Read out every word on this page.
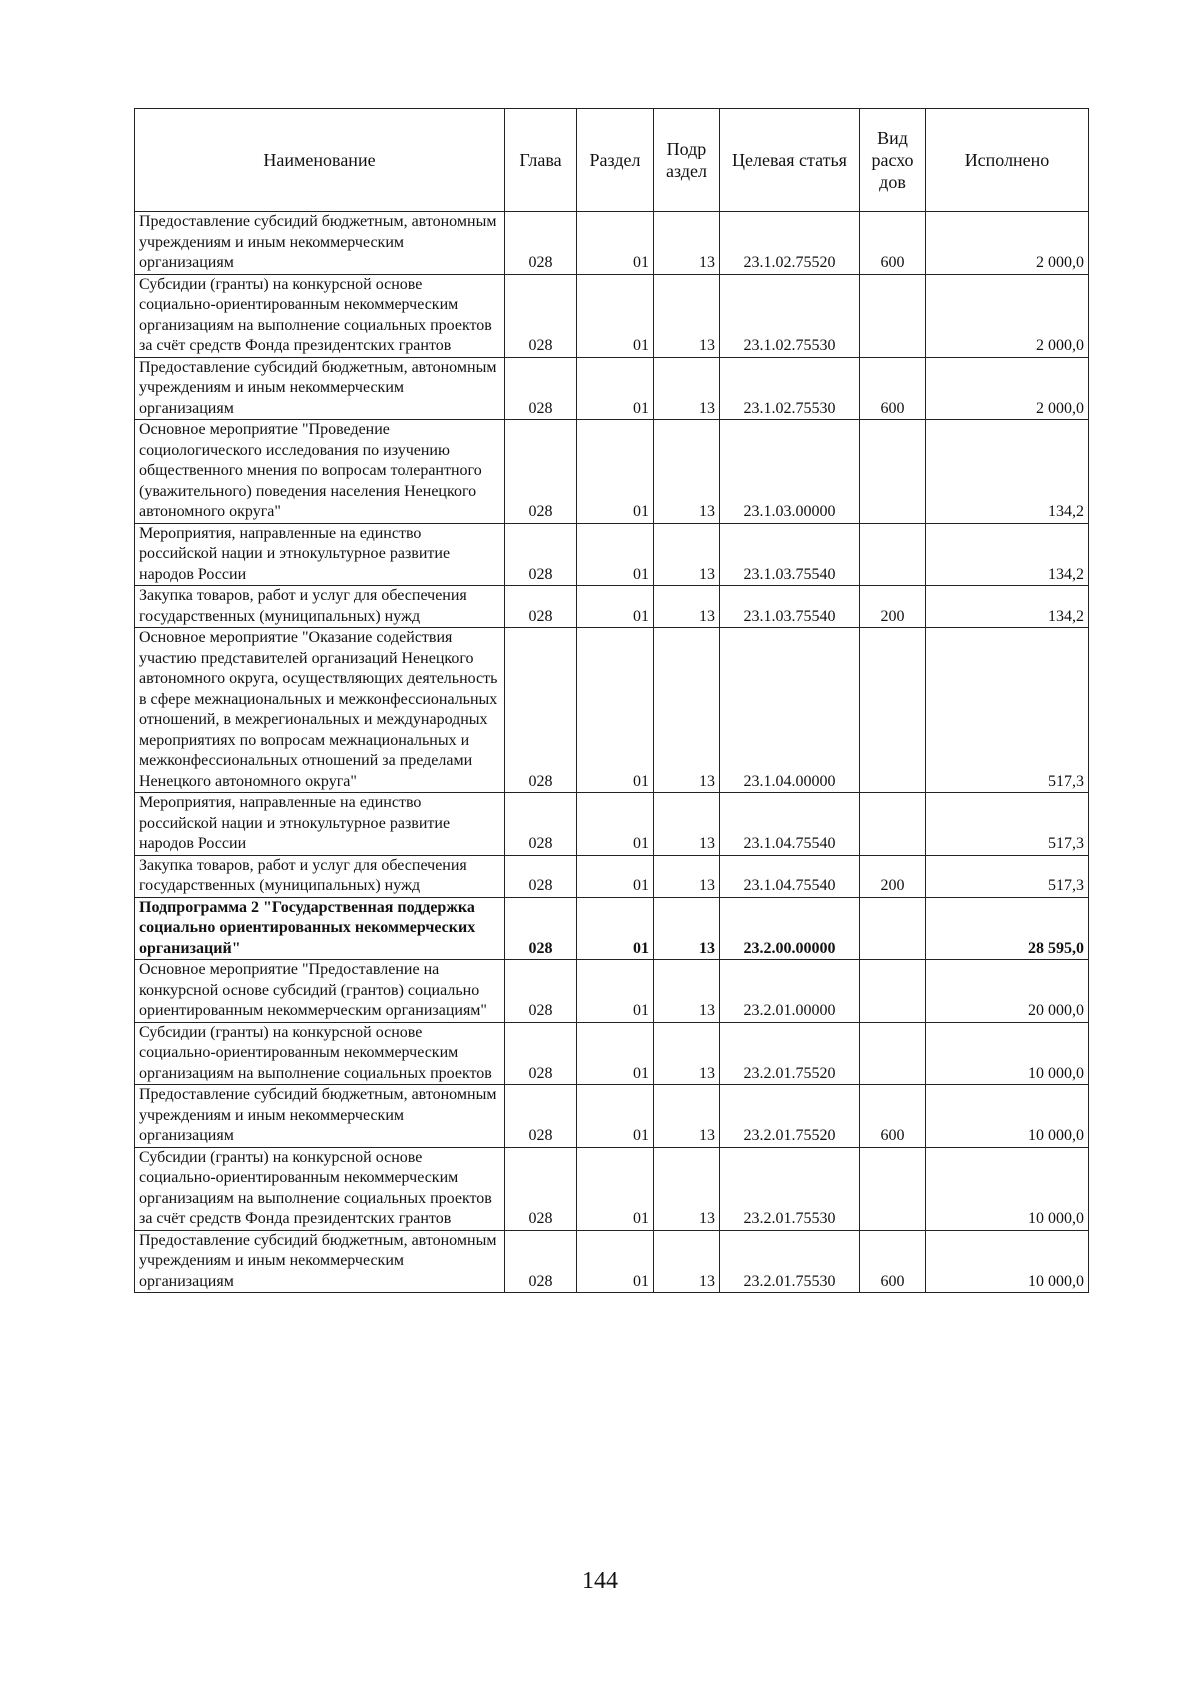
Наименование	Глава	Раздел	Подр аздел	Целевая статья	Вид расхо дов	Исполнено
Предоставление субсидий бюджетным, автономным учреждениям и иным некоммерческим организациям	028	01	13	23.1.02.75520	600	2 000,0
Субсидии (гранты) на конкурсной основе социально-ориентированным некоммерческим организациям на выполнение социальных проектов за счёт средств Фонда президентских грантов	028	01	13	23.1.02.75530		2 000,0
Предоставление субсидий бюджетным, автономным учреждениям и иным некоммерческим организациям	028	01	13	23.1.02.75530	600	2 000,0
Основное мероприятие "Проведение социологического исследования по изучению общественного мнения по вопросам толерантного (уважительного) поведения населения Ненецкого автономного округа"	028	01	13	23.1.03.00000		134,2
Мероприятия, направленные на единство российской нации и этнокультурное развитие народов России	028	01	13	23.1.03.75540		134,2
Закупка товаров, работ и услуг для обеспечения государственных (муниципальных) нужд	028	01	13	23.1.03.75540	200	134,2
Основное мероприятие "Оказание содействия участию представителей организаций Ненецкого автономного округа, осуществляющих деятельность в сфере межнациональных и межконфессиональных отношений, в межрегиональных и международных мероприятиях по вопросам межнациональных и межконфессиональных отношений за пределами Ненецкого автономного округа"	028	01	13	23.1.04.00000		517,3
Мероприятия, направленные на единство российской нации и этнокультурное развитие народов России	028	01	13	23.1.04.75540		517,3
Закупка товаров, работ и услуг для обеспечения государственных (муниципальных) нужд	028	01	13	23.1.04.75540	200	517,3
Подпрограмма 2 "Государственная поддержка социально ориентированных некоммерческих организаций"	028	01	13	23.2.00.00000		28 595,0
Основное мероприятие "Предоставление на конкурсной основе субсидий (грантов) социально ориентированным некоммерческим организациям"	028	01	13	23.2.01.00000		20 000,0
Субсидии (гранты) на конкурсной основе социально-ориентированным некоммерческим организациям на выполнение социальных проектов	028	01	13	23.2.01.75520		10 000,0
Предоставление субсидий бюджетным, автономным учреждениям и иным некоммерческим организациям	028	01	13	23.2.01.75520	600	10 000,0
Субсидии (гранты) на конкурсной основе социально-ориентированным некоммерческим организациям на выполнение социальных проектов за счёт средств Фонда президентских грантов	028	01	13	23.2.01.75530		10 000,0
Предоставление субсидий бюджетным, автономным учреждениям и иным некоммерческим организациям	028	01	13	23.2.01.75530	600	10 000,0
144
